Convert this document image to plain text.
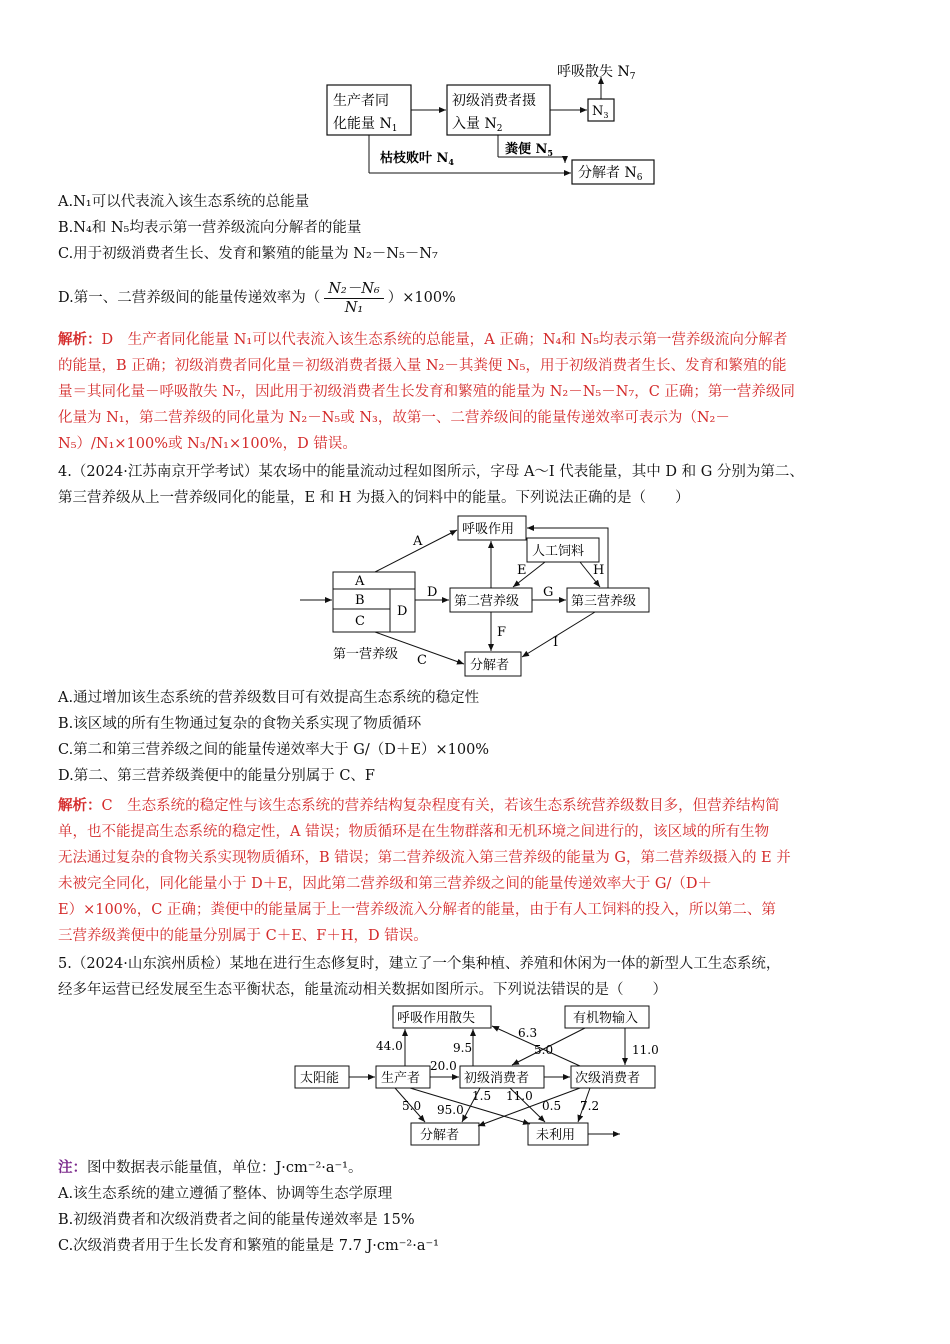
生产者同
化能量 $N_1$
初级消费者摄
入量 $N_2$
$N_3$
呼吸散失 $N_7$
枯枝败叶 $N_4$
粪便 $N_5$
分解者 $N_6$
A.N₁可以代表流入该生态系统的总能量
B.N₄和 N₅均表示第一营养级流向分解者的能量
C.用于初级消费者生长、发育和繁殖的能量为 N₂－N₅－N₇
D.第一、二营养级间的能量传递效率为（ $\frac{\text{N₂－N₆}}{\text{N₁}} )\times 100\%$
解析：D　生产者同化能量 N₁可以代表流入该生态系统的总能量，A 正确；N₄和 N₅均表示第一营养级流向分解者
的能量，B 正确；初级消费者同化量＝初级消费者摄入量 N₂－其粪便 N₅，用于初级消费者生长、发育和繁殖的能
量＝其同化量－呼吸散失 N₇，因此用于初级消费者生长发育和繁殖的能量为 N₂－N₅－N₇，C 正确；第一营养级同
化量为 N₁，第二营养级的同化量为 N₂－N₅或 N₃，故第一、二营养级间的能量传递效率可表示为（N₂－
N₅）/N₁×100%或 N₃/N₁×100%，D 错误。
4.（2024·江苏南京开学考试）某农场中的能量流动过程如图所示，字母 A～I 代表能量，其中 D 和 G 分别为第二、
第三营养级从上一营养级同化的能量，E 和 H 为摄入的饲料中的能量。下列说法正确的是（　　）
呼吸作用
人工饲料
A
B
C
D
第二营养级	第三营养级
分解者
第一营养级
A
D	G
E	H
F
I
C
A.通过增加该生态系统的营养级数目可有效提高生态系统的稳定性
B.该区域的所有生物通过复杂的食物关系实现了物质循环
C.第二和第三营养级之间的能量传递效率大于 G/（D＋E）×100%
D.第二、第三营养级粪便中的能量分别属于 C、F
解析：C　生态系统的稳定性与该生态系统的营养结构复杂程度有关，若该生态系统营养级数目多，但营养结构简
单，也不能提高生态系统的稳定性，A 错误；物质循环是在生物群落和无机环境之间进行的，该区域的所有生物
无法通过复杂的食物关系实现物质循环，B 错误；第二营养级流入第三营养级的能量为 G，第二营养级摄入的 E 并
未被完全同化，同化能量小于 D＋E，因此第二营养级和第三营养级之间的能量传递效率大于 G/（D＋
E）×100%，C 正确；粪便中的能量属于上一营养级流入分解者的能量，由于有人工饲料的投入，所以第二、第
三营养级粪便中的能量分别属于 C＋E、F＋H，D 错误。
5.（2024·山东滨州质检）某地在进行生态修复时，建立了一个集种植、养殖和休闲为一体的新型人工生态系统，
经多年运营已经发展至生态平衡状态，能量流动相关数据如图所示。下列说法错误的是（　　）
呼吸作用散失	有机物输入
太阳能	生产者	初级消费者	次级消费者
分解者	未利用
44.0	9.5
6.3
5.0	11.0
20.0
5.0 95.0
1.5 11.0
0.5 7.2
注：图中数据表示能量值，单位：J·cm⁻²·a⁻¹。
A.该生态系统的建立遵循了整体、协调等生态学原理
B.初级消费者和次级消费者之间的能量传递效率是 15%
C.次级消费者用于生长发育和繁殖的能量是 7.7 J·cm⁻²·a⁻¹
